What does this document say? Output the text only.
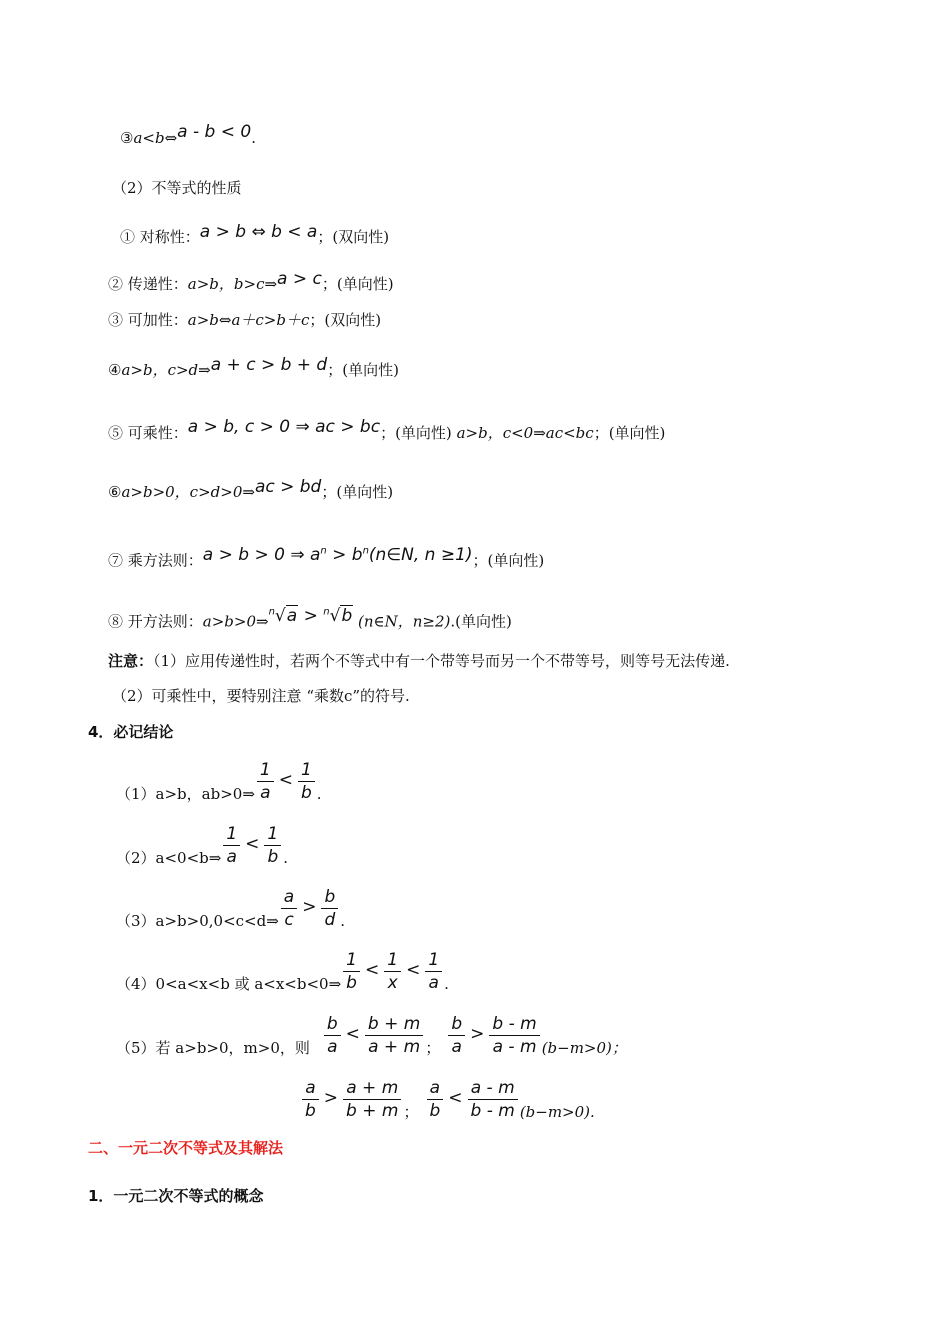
③a<b⇔a - b < 0.
（2）不等式的性质
① 对称性：a > b ⇔ b < a；(双向性)
② 传递性：a>b，b>c⇒a > c；(单向性)
③ 可加性：a>b⇔a＋c>b＋c；(双向性)
④a>b，c>d⇒a + c > b + d；(单向性)
⑤ 可乘性：a > b, c > 0 ⇒ ac > bc；(单向性) a>b，c<0⇒ac<bc；(单向性)
⑥a>b>0，c>d>0⇒ac > bd；(单向性)
⑦ 乘方法则：a > b > 0 ⇒ $a^n$ > $b^n(n\in N$, n ≥1)；(单向性)
⑧ 开方法则：a>b>0⇒$^n$√a > $^n$√b (n∈N，n≥2).(单向性)
注意：（1）应用传递性时，若两个不等式中有一个带等号而另一个不带等号，则等号无法传递.
（2）可乘性中，要特别注意 “乘数c”的符号.
4．必记结论
（1）a>b，ab>0⇒ $\frac{1}{a} < \frac{1}{b}$ .
（2）a<0<b⇒ $\frac{1}{a} < \frac{1}{b}$ .
（3）a>b>0,0<c<d⇒ $\frac{a}{c} > \frac{b}{d}$ .
（4）0<a<x<b 或 a<x<b<0⇒ $\frac{1}{b} < \frac{1}{x} < \frac{1}{a}$ .
（5）若 a>b>0，m>0，则 $\frac{b}{a} < \frac{b + m}{a + m}$ ； $\frac{b}{a} > \frac{b - m}{a - m} (b-m>0)$；
$\frac{a}{b} > \frac{a + m}{b + m}$ ； $\frac{a}{b} < \frac{a - m}{b - m} (b-m>0)$.
二、一元二次不等式及其解法
1．一元二次不等式的概念
